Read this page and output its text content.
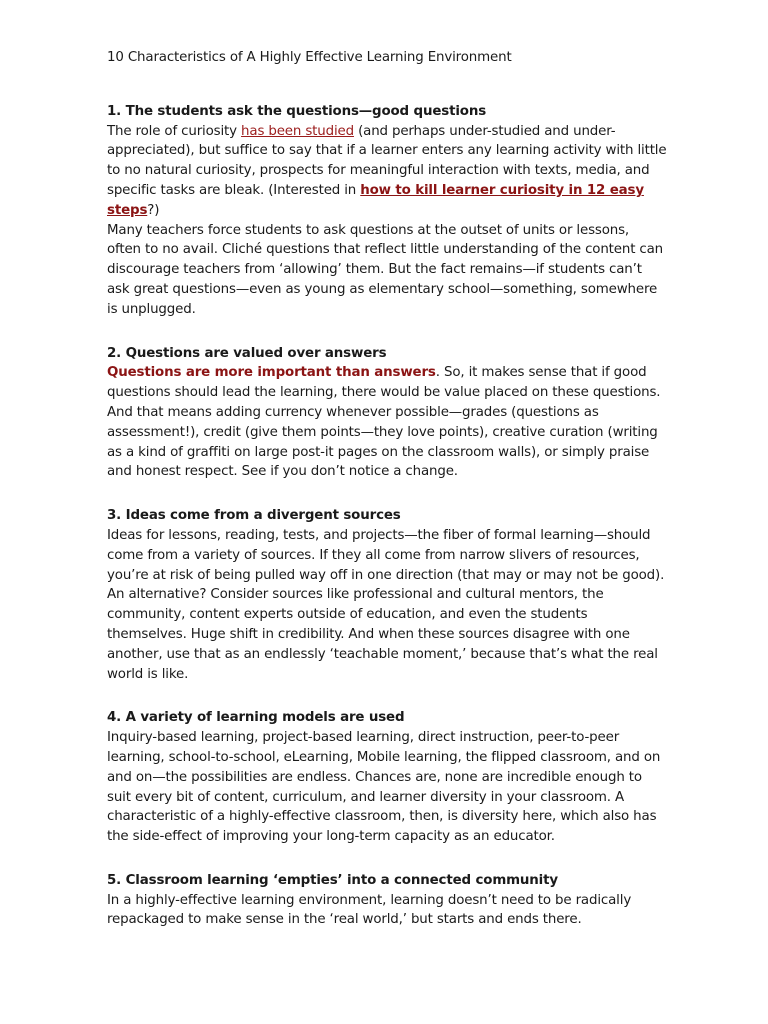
10 Characteristics of A Highly Effective Learning Environment

1. The students ask the questions—good questions

The role of curiosity has been studied (and perhaps under-studied and under-appreciated), but suffice to say that if a learner enters any learning activity with little to no natural curiosity, prospects for meaningful interaction with texts, media, and specific tasks are bleak. (Interested in how to kill learner curiosity in 12 easy steps?)

Many teachers force students to ask questions at the outset of units or lessons, often to no avail. Cliché questions that reflect little understanding of the content can discourage teachers from ‘allowing’ them. But the fact remains—if students can’t ask great questions—even as young as elementary school—something, somewhere is unplugged.

2. Questions are valued over answers

Questions are more important than answers. So, it makes sense that if good questions should lead the learning, there would be value placed on these questions. And that means adding currency whenever possible—grades (questions as assessment!), credit (give them points—they love points), creative curation (writing as a kind of graffiti on large post-it pages on the classroom walls), or simply praise and honest respect. See if you don’t notice a change.

3. Ideas come from a divergent sources

Ideas for lessons, reading, tests, and projects—the fiber of formal learning—should come from a variety of sources. If they all come from narrow slivers of resources, you’re at risk of being pulled way off in one direction (that may or may not be good). An alternative? Consider sources like professional and cultural mentors, the community, content experts outside of education, and even the students themselves. Huge shift in credibility. And when these sources disagree with one another, use that as an endlessly ‘teachable moment,’ because that’s what the real world is like.

4. A variety of learning models are used

Inquiry-based learning, project-based learning, direct instruction, peer-to-peer learning, school-to-school, eLearning, Mobile learning, the flipped classroom, and on and on—the possibilities are endless. Chances are, none are incredible enough to suit every bit of content, curriculum, and learner diversity in your classroom. A characteristic of a highly-effective classroom, then, is diversity here, which also has the side-effect of improving your long-term capacity as an educator.

5. Classroom learning ‘empties’ into a connected community

In a highly-effective learning environment, learning doesn’t need to be radically repackaged to make sense in the ‘real world,’ but starts and ends there.
